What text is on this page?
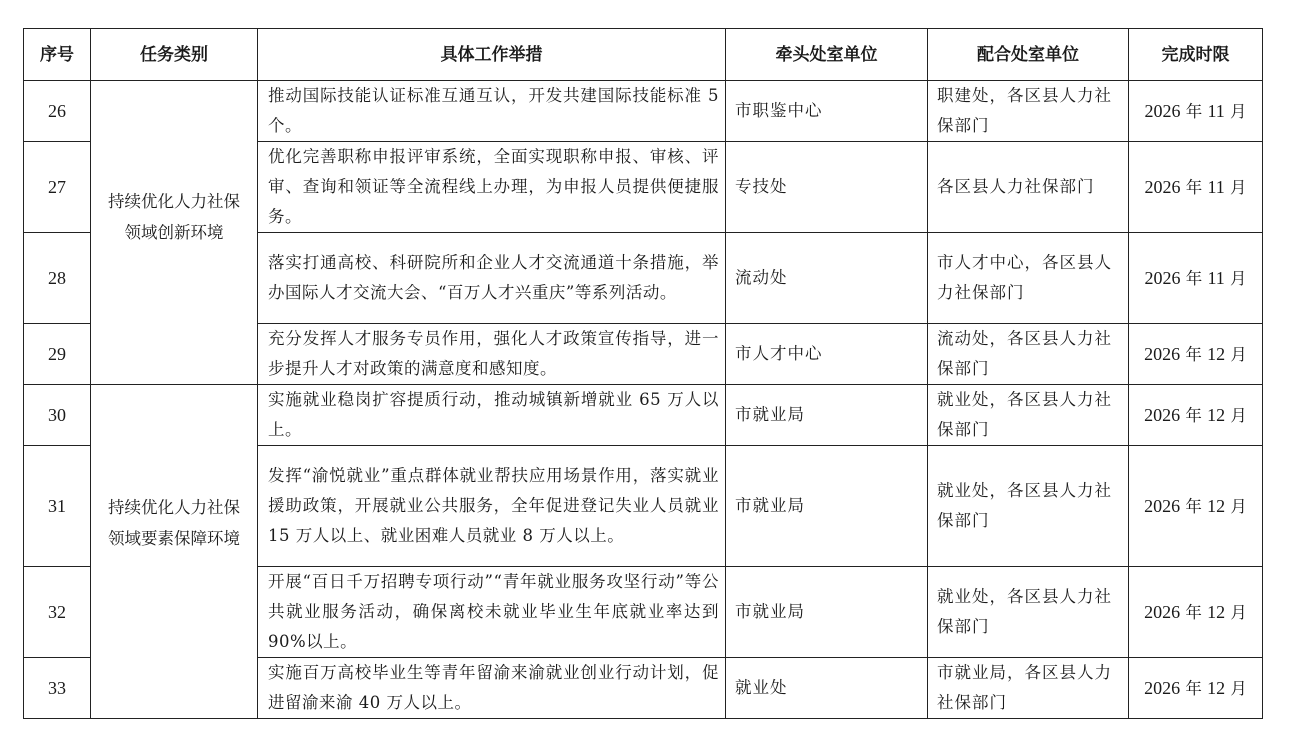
序号	任务类别	具体工作举措	牵头处室单位	配合处室单位	完成时限
26	持续优化人力社保领域创新环境	推动国际技能认证标准互通互认，开发共建国际技能标准 5 个。	市职鉴中心	职建处，各区县人力社保部门	2026 年 11 月
27		优化完善职称申报评审系统，全面实现职称申报、审核、评审、查询和领证等全流程线上办理，为申报人员提供便捷服务。	专技处	各区县人力社保部门	2026 年 11 月
28		落实打通高校、科研院所和企业人才交流通道十条措施，举办国际人才交流大会、“百万人才兴重庆”等系列活动。	流动处	市人才中心，各区县人力社保部门	2026 年 11 月
29		充分发挥人才服务专员作用，强化人才政策宣传指导，进一步提升人才对政策的满意度和感知度。	市人才中心	流动处，各区县人力社保部门	2026 年 12 月
30	持续优化人力社保领域要素保障环境	实施就业稳岗扩容提质行动，推动城镇新增就业 65 万人以上。	市就业局	就业处，各区县人力社保部门	2026 年 12 月
31		发挥“渝悦就业”重点群体就业帮扶应用场景作用，落实就业援助政策，开展就业公共服务，全年促进登记失业人员就业 15 万人以上、就业困难人员就业 8 万人以上。	市就业局	就业处，各区县人力社保部门	2026 年 12 月
32		开展“百日千万招聘专项行动”“青年就业服务攻坚行动”等公共就业服务活动，确保离校未就业毕业生年底就业率达到 90%以上。	市就业局	就业处，各区县人力社保部门	2026 年 12 月
33		实施百万高校毕业生等青年留渝来渝就业创业行动计划，促进留渝来渝 40 万人以上。	就业处	市就业局，各区县人力社保部门	2026 年 12 月
